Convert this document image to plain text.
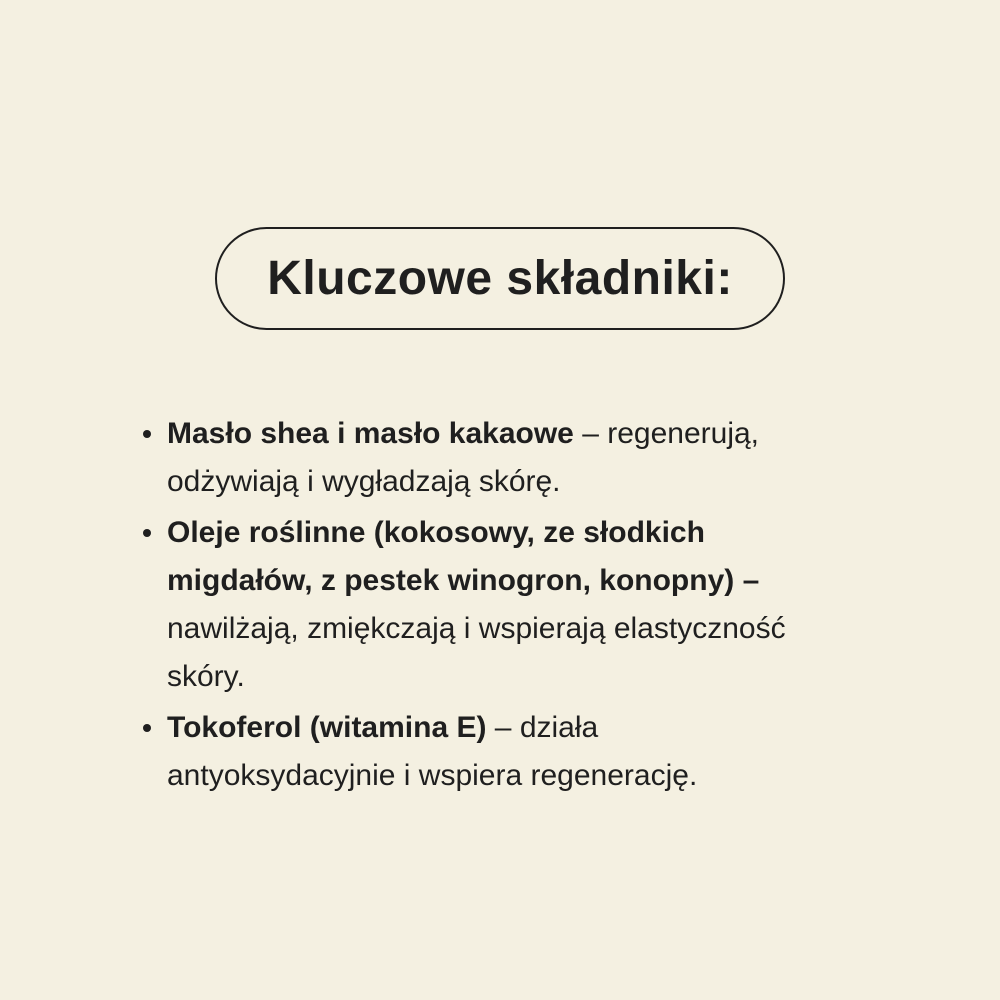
Kluczowe składniki:
Masło shea i masło kakaowe – regenerują,
odżywiają i wygładzają skórę.
Oleje roślinne (kokosowy, ze słodkich
migdałów, z pestek winogron, konopny) –
nawilżają, zmiękczają i wspierają elastyczność
skóry.
Tokoferol (witamina E) – działa
antyoksydacyjnie i wspiera regenerację.
